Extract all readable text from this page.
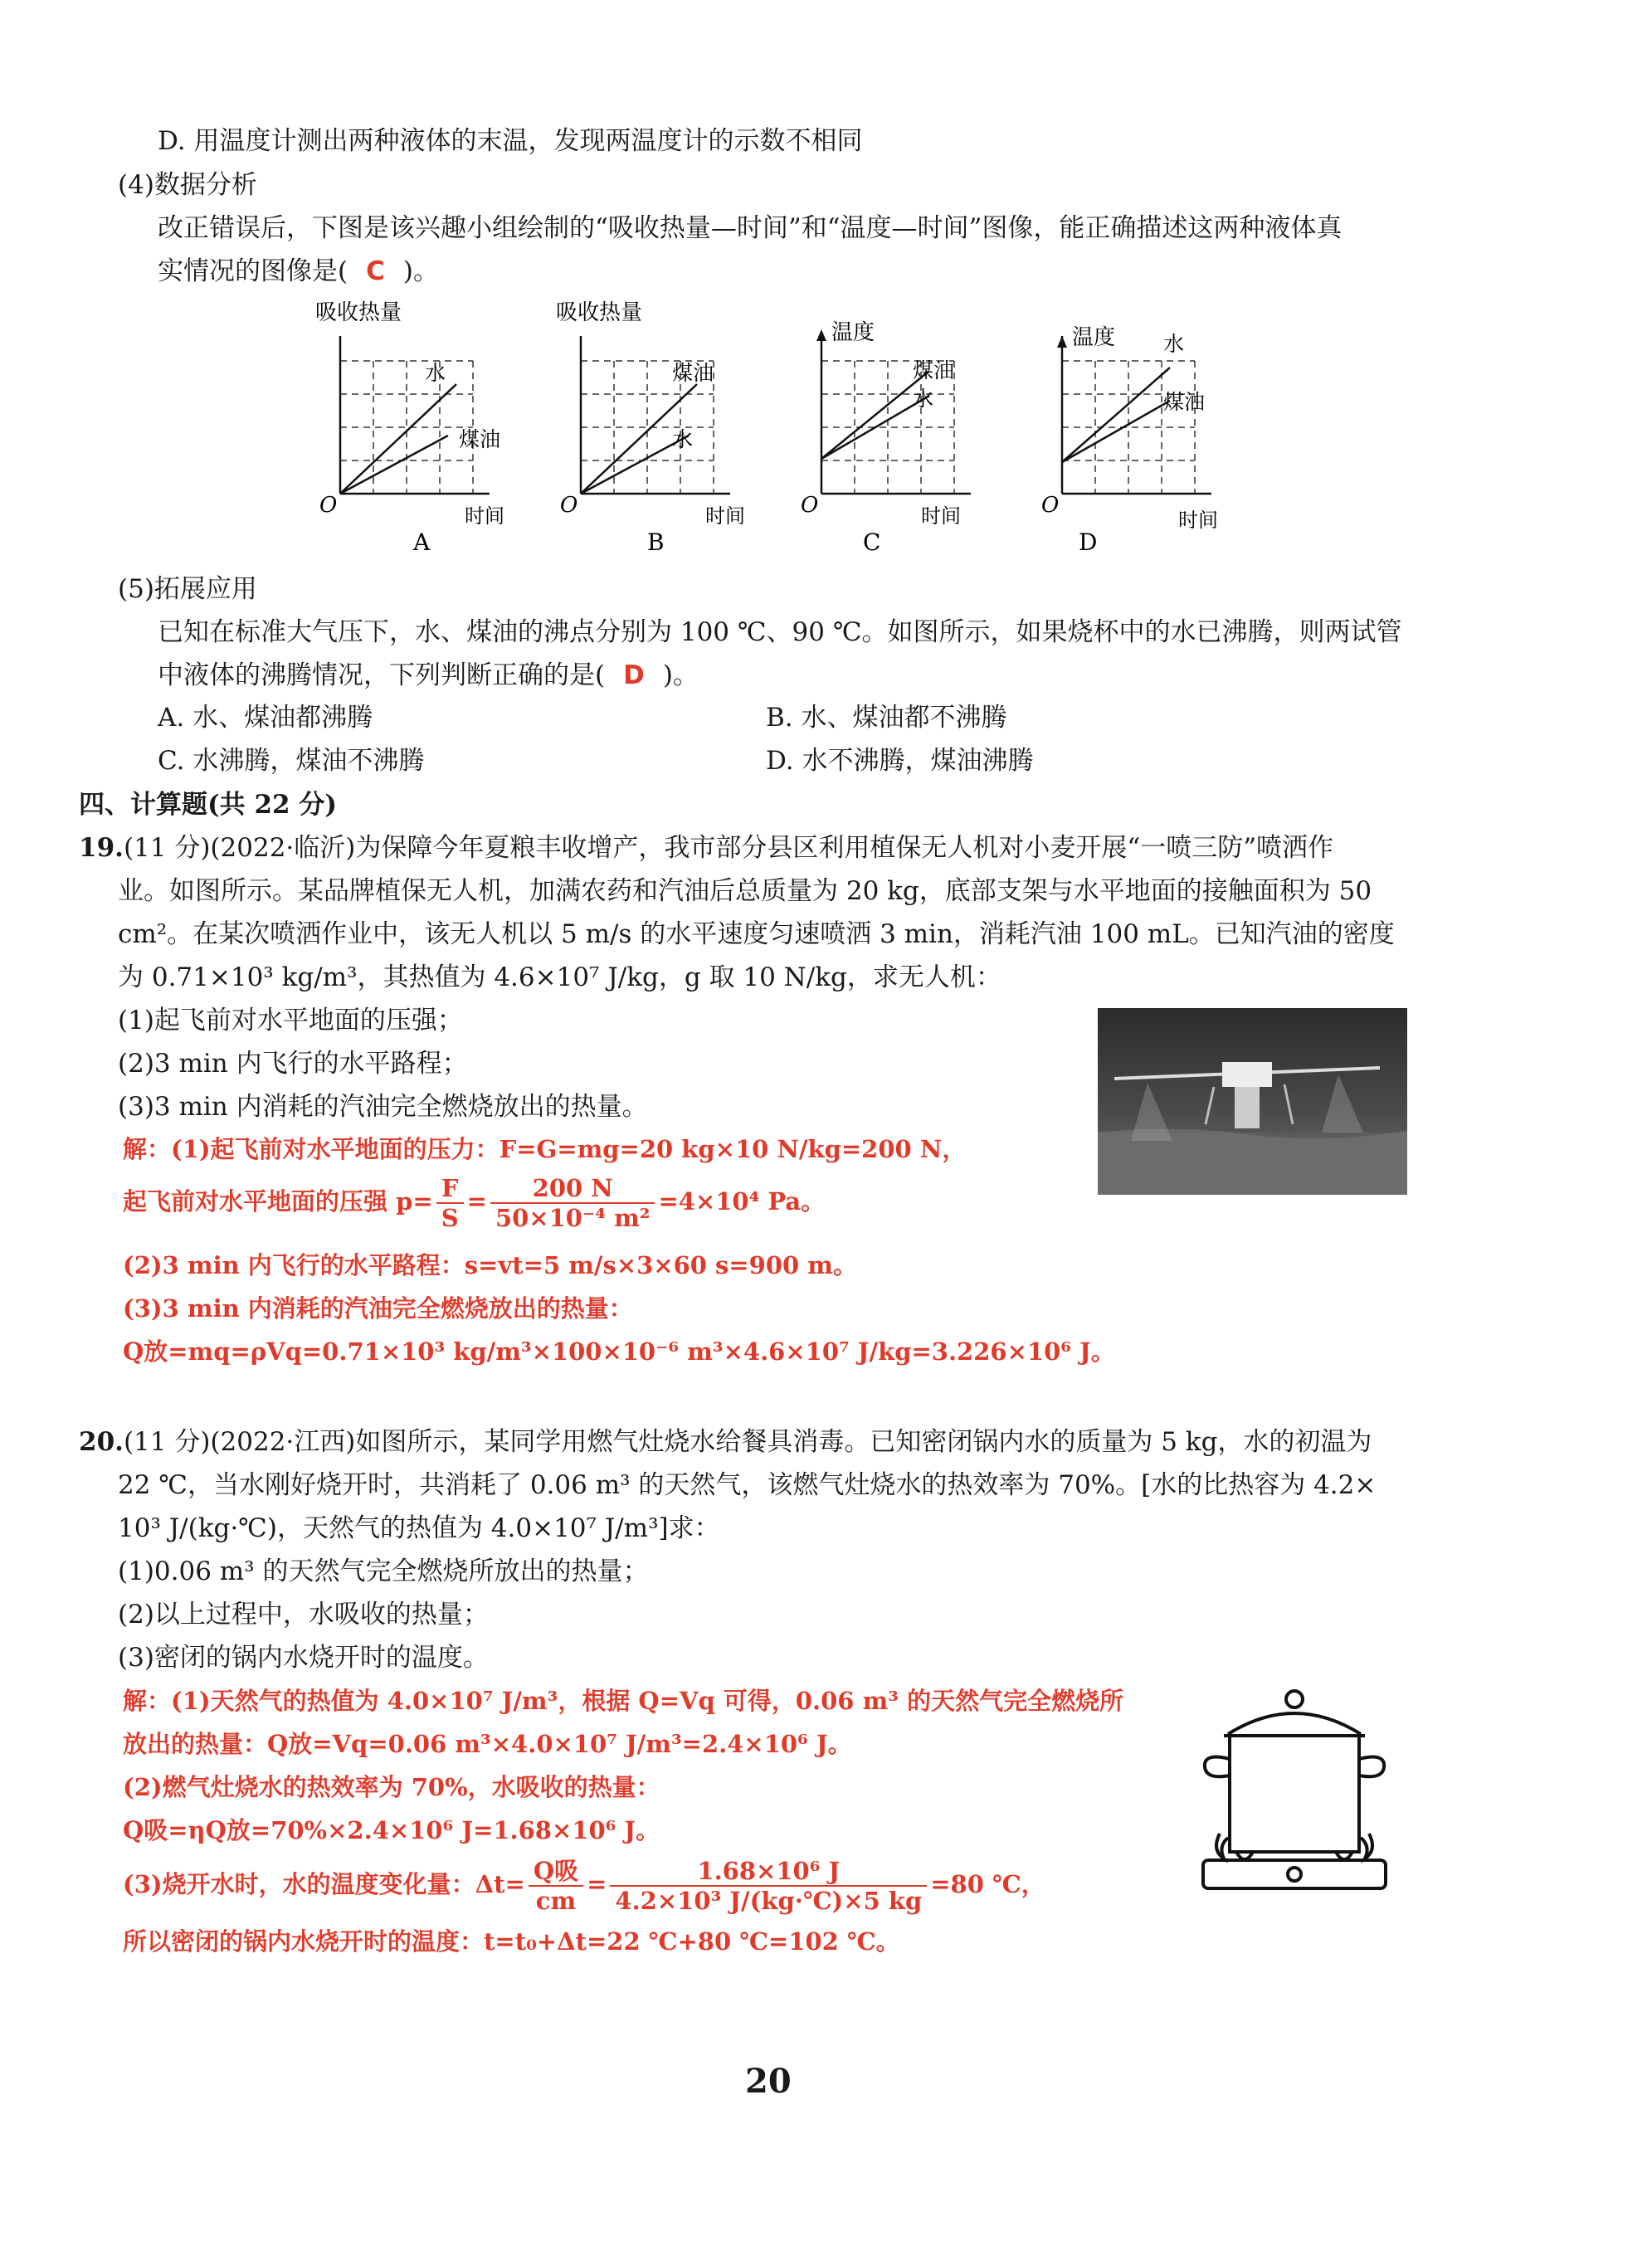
D. 用温度计测出两种液体的末温，发现两温度计的示数不相同
(4)数据分析
改正错误后，下图是该兴趣小组绘制的“吸收热量—时间”和“温度—时间”图像，能正确描述这两种液体真
实情况的图像是( C )。
吸收热量
O	时间
水
煤油
A
吸收热量
O	时间
煤油
水
B
温度
O	时间
煤油
水
C
温度
O
时间
水
煤油
D
(5)拓展应用
已知在标准大气压下，水、煤油的沸点分别为 100 ℃、90 ℃。如图所示，如果烧杯中的水已沸腾，则两试管
中液体的沸腾情况，下列判断正确的是( D )。
A. 水、煤油都沸腾	B. 水、煤油都不沸腾
C. 水沸腾，煤油不沸腾	D. 水不沸腾，煤油沸腾
四、计算题(共 22 分)
19.(11 分)(2022·临沂)为保障今年夏粮丰收增产，我市部分县区利用植保无人机对小麦开展“一喷三防”喷洒作
业。如图所示。某品牌植保无人机，加满农药和汽油后总质量为 20 kg，底部支架与水平地面的接触面积为 50
cm²。在某次喷洒作业中，该无人机以 5 m/s 的水平速度匀速喷洒 3 min，消耗汽油 100 mL。已知汽油的密度
为 0.71×10³ kg/m³，其热值为 4.6×10⁷ J/kg，g 取 10 N/kg，求无人机：
(1)起飞前对水平地面的压强；
(2)3 min 内飞行的水平路程；
(3)3 min 内消耗的汽油完全燃烧放出的热量。
解：(1)起飞前对水平地面的压力：F=G=mg=20 kg×10 N/kg=200 N，
起飞前对水平地面的压强 $p= \frac{F}{S} = \frac{200 N}{\text{50×10⁻⁴ m²}} =4\times 10^4$ Pa。
(2)3 min 内飞行的水平路程：s=vt=5 m/s×3×60 s=900 m。
(3)3 min 内消耗的汽油完全燃烧放出的热量：
Q放=mq=ρVq=0.71×10³ kg/m³×100×10⁻⁶ m³×4.6×10⁷ J/kg=3.226×10⁶ J。
20.(11 分)(2022·江西)如图所示，某同学用燃气灶烧水给餐具消毒。已知密闭锅内水的质量为 5 kg，水的初温为
22 ℃，当水刚好烧开时，共消耗了 0.06 m³ 的天然气，该燃气灶烧水的热效率为 70%。[水的比热容为 4.2×
10³ J/(kg·℃)，天然气的热值为 4.0×10⁷ J/m³]求：
(1)0.06 m³ 的天然气完全燃烧所放出的热量；
(2)以上过程中，水吸收的热量；
(3)密闭的锅内水烧开时的温度。
解：(1)天然气的热值为 4.0×10⁷ J/m³，根据 Q=Vq 可得，0.06 m³ 的天然气完全燃烧所
放出的热量：Q放=Vq=0.06 m³×4.0×10⁷ J/m³=2.4×10⁶ J。
(2)燃气灶烧水的热效率为 70%，水吸收的热量：
Q吸=ηQ放=70%×2.4×10⁶ J=1.68×10⁶ J。
(3)烧开水时，水的温度变化量：$\Delta t= \frac{\text{Q吸}}{cm} = \frac{\text{1.68×10⁶ J}}{\text{4.2×10³ J/(kg·℃)×5 kg}} =80$ ℃，
所以密闭的锅内水烧开时的温度：t=t₀+Δt=22 ℃+80 ℃=102 ℃。
20
